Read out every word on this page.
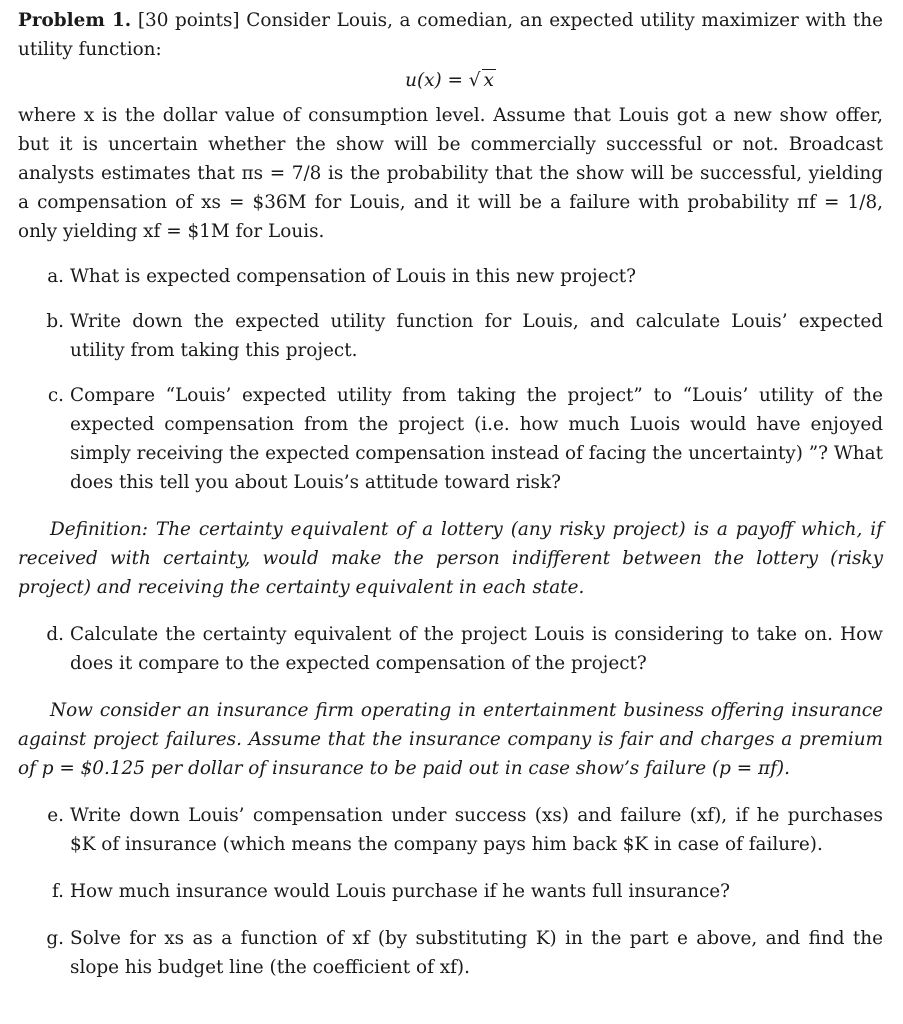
Problem 1. [30 points] Consider Louis, a comedian, an expected utility maximizer with the utility function:

u(x) = √ x

where x is the dollar value of consumption level. Assume that Louis got a new show offer, but it is uncertain whether the show will be commercially successful or not. Broadcast analysts estimates that πs = 7/8 is the probability that the show will be successful, yielding a compensation of xs = $36M for Louis, and it will be a failure with probability πf = 1/8, only yielding xf = $1M for Louis.

a. What is expected compensation of Louis in this new project?
b. Write down the expected utility function for Louis, and calculate Louis’ expected utility from taking this project.
c. Compare “Louis’ expected utility from taking the project” to “Louis’ utility of the expected compensation from the project (i.e. how much Luois would have enjoyed simply receiving the expected compensation instead of facing the uncertainty) ”? What does this tell you about Louis’s attitude toward risk?

Definition: The certainty equivalent of a lottery (any risky project) is a payoff which, if received with certainty, would make the person indifferent between the lottery (risky project) and receiving the certainty equivalent in each state.

d. Calculate the certainty equivalent of the project Louis is considering to take on. How does it compare to the expected compensation of the project?

Now consider an insurance firm operating in entertainment business offering insurance against project failures. Assume that the insurance company is fair and charges a premium of p = $0.125 per dollar of insurance to be paid out in case show’s failure (p = πf).

e. Write down Louis’ compensation under success (xs) and failure (xf), if he purchases $K of insurance (which means the company pays him back $K in case of failure).
f. How much insurance would Louis purchase if he wants full insurance?
g. Solve for xs as a function of xf (by substituting K) in the part e above, and find the slope his budget line (the coefficient of xf).
